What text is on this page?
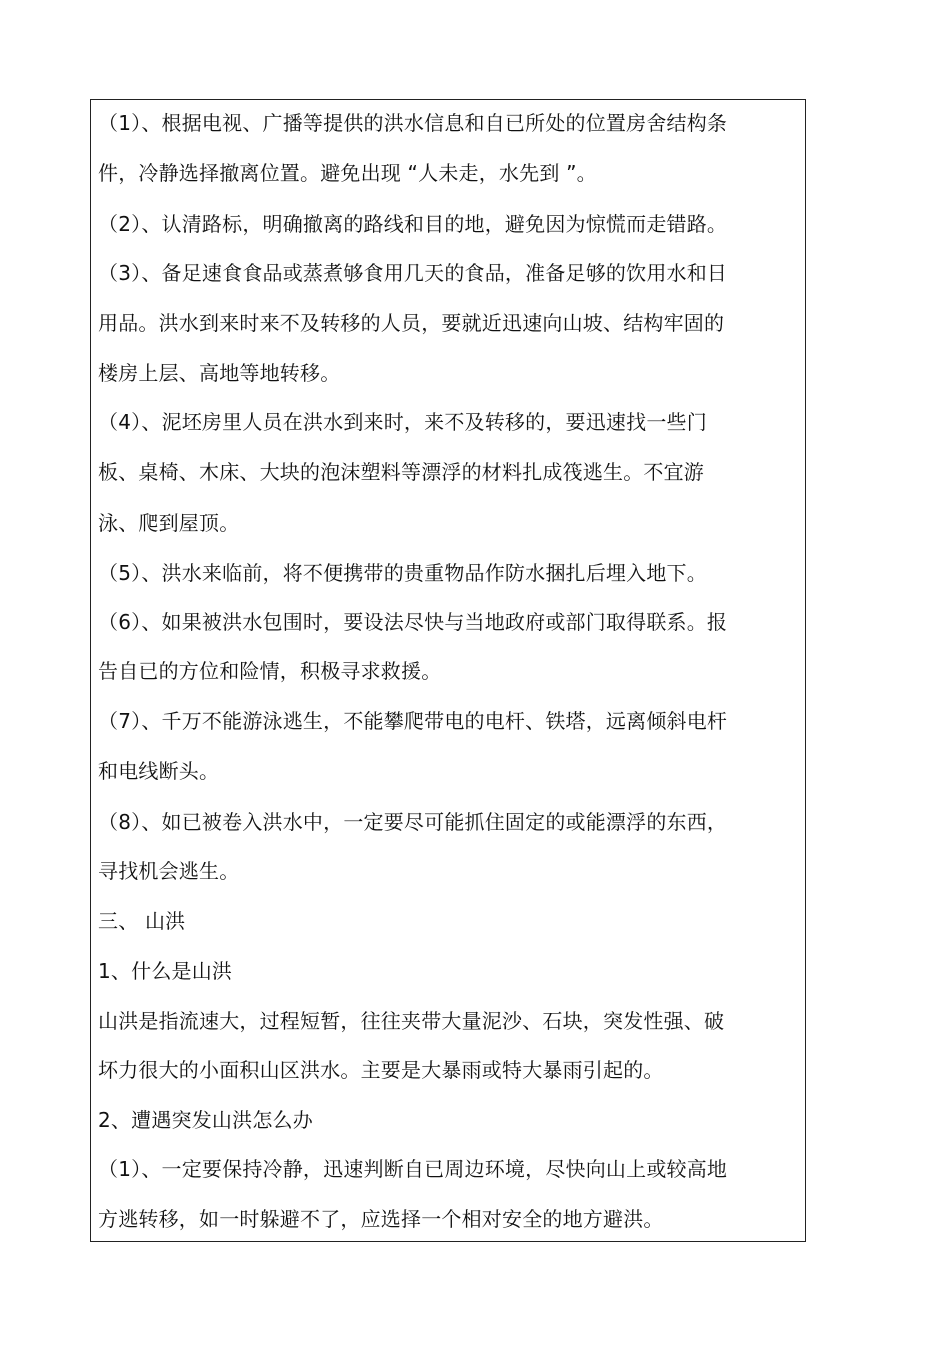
（1）、根据电视、广播等提供的洪水信息和自已所处的位置房舍结构条
件，冷静选择撤离位置。避免出现 “人未走，水先到 ”。
（2）、认清路标，明确撤离的路线和目的地，避免因为惊慌而走错路。
（3）、备足速食食品或蒸煮够食用几天的食品，准备足够的饮用水和日
用品。洪水到来时来不及转移的人员，要就近迅速向山坡、结构牢固的
楼房上层、高地等地转移。
（4）、泥坯房里人员在洪水到来时，来不及转移的，要迅速找一些门
板、桌椅、木床、大块的泡沫塑料等漂浮的材料扎成筏逃生。不宜游
泳、爬到屋顶。
（5）、洪水来临前，将不便携带的贵重物品作防水捆扎后埋入地下。
（6）、如果被洪水包围时，要设法尽快与当地政府或部门取得联系。报
告自已的方位和险情，积极寻求救援。
（7）、千万不能游泳逃生，不能攀爬带电的电杆、铁塔，远离倾斜电杆
和电线断头。
（8）、如已被卷入洪水中，一定要尽可能抓住固定的或能漂浮的东西，
寻找机会逃生。
三、 山洪
1、什么是山洪
山洪是指流速大，过程短暂，往往夹带大量泥沙、石块，突发性强、破
坏力很大的小面积山区洪水。主要是大暴雨或特大暴雨引起的。
2、遭遇突发山洪怎么办
（1）、一定要保持冷静，迅速判断自已周边环境，尽快向山上或较高地
方逃转移，如一时躲避不了，应选择一个相对安全的地方避洪。
